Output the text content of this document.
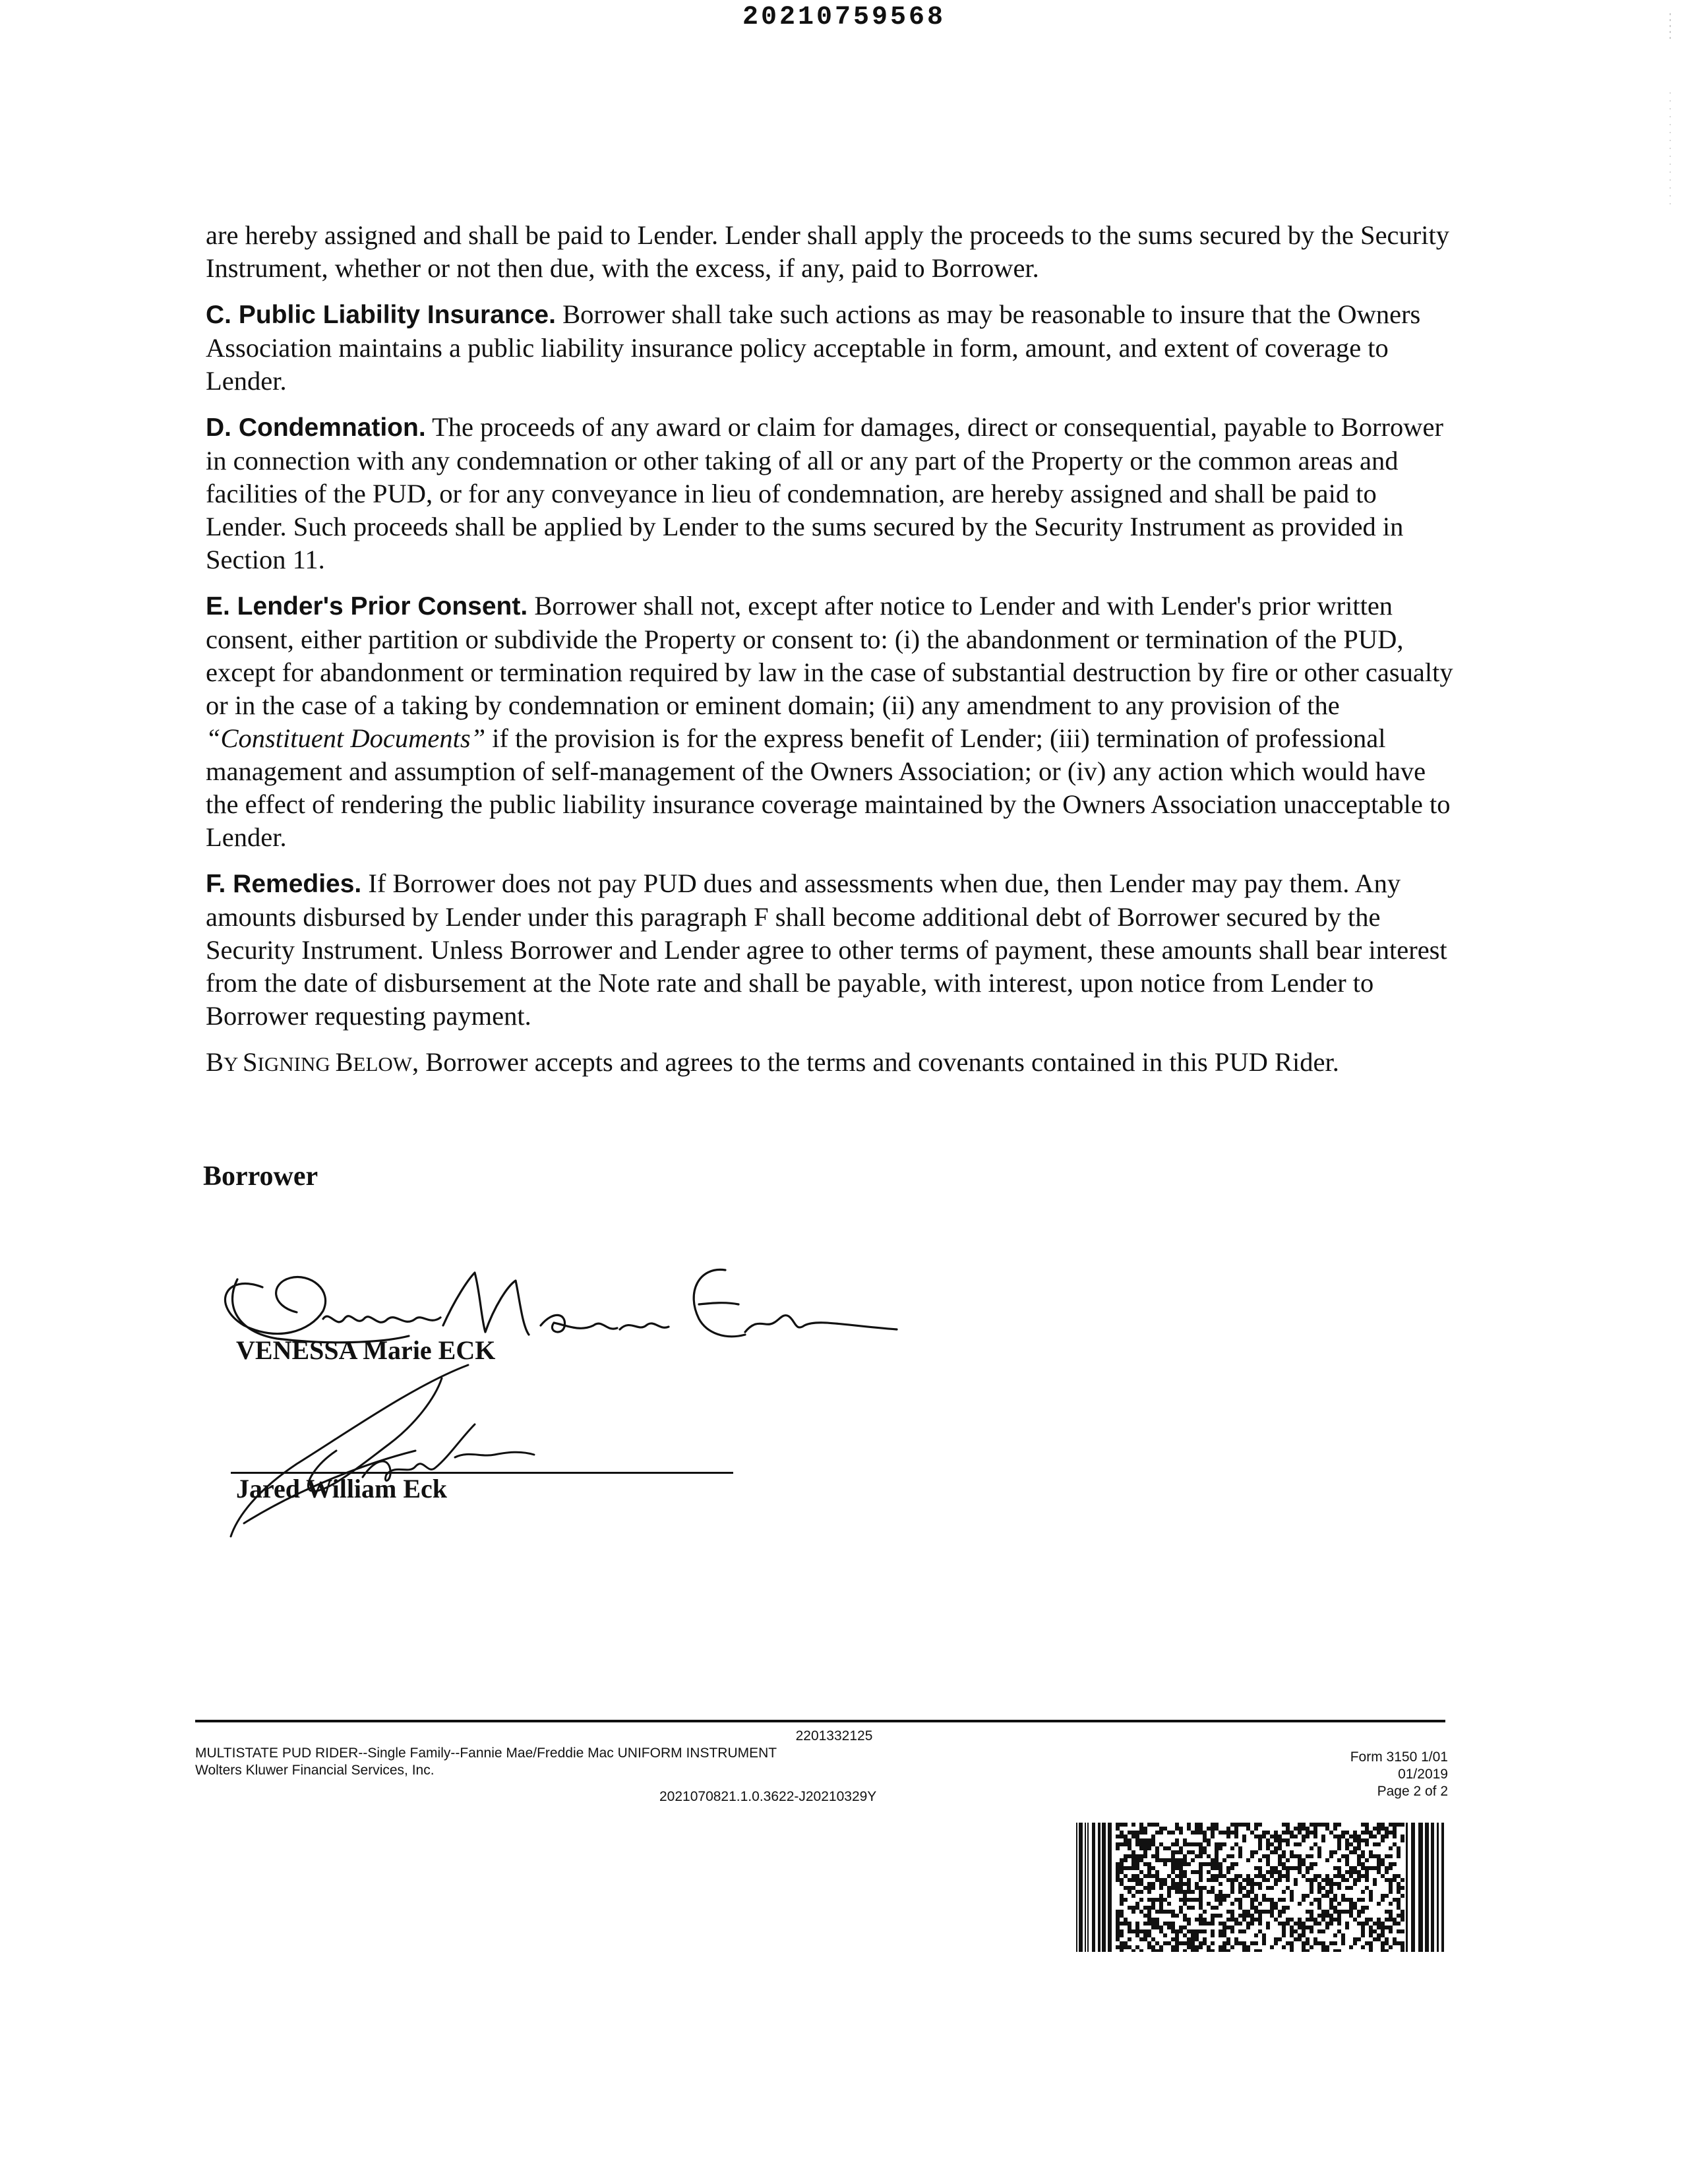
20210759568

are hereby assigned and shall be paid to Lender. Lender shall apply the proceeds to the sums secured by the Security Instrument, whether or not then due, with the excess, if any, paid to Borrower.

C. Public Liability Insurance. Borrower shall take such actions as may be reasonable to insure that the Owners Association maintains a public liability insurance policy acceptable in form, amount, and extent of coverage to Lender.

D. Condemnation. The proceeds of any award or claim for damages, direct or consequential, payable to Borrower in connection with any condemnation or other taking of all or any part of the Property or the common areas and facilities of the PUD, or for any conveyance in lieu of condemnation, are hereby assigned and shall be paid to Lender. Such proceeds shall be applied by Lender to the sums secured by the Security Instrument as provided in Section 11.

E. Lender's Prior Consent. Borrower shall not, except after notice to Lender and with Lender's prior written consent, either partition or subdivide the Property or consent to: (i) the abandonment or termination of the PUD, except for abandonment or termination required by law in the case of substantial destruction by fire or other casualty or in the case of a taking by condemnation or eminent domain; (ii) any amendment to any provision of the “Constituent Documents” if the provision is for the express benefit of Lender; (iii) termination of professional management and assumption of self-management of the Owners Association; or (iv) any action which would have the effect of rendering the public liability insurance coverage maintained by the Owners Association unacceptable to Lender.

F. Remedies. If Borrower does not pay PUD dues and assessments when due, then Lender may pay them. Any amounts disbursed by Lender under this paragraph F shall become additional debt of Borrower secured by the Security Instrument. Unless Borrower and Lender agree to other terms of payment, these amounts shall bear interest from the date of disbursement at the Note rate and shall be payable, with interest, upon notice from Lender to Borrower requesting payment.

BY SIGNING BELOW, Borrower accepts and agrees to the terms and covenants contained in this PUD Rider.

Borrower
VENESSA Marie ECK
Jared William Eck
2201332125
MULTISTATE PUD RIDER--Single Family--Fannie Mae/Freddie Mac UNIFORM INSTRUMENT
Wolters Kluwer Financial Services, Inc.
2021070821.1.0.3622-J20210329Y
Form 3150 1/01
01/2019
Page 2 of 2
